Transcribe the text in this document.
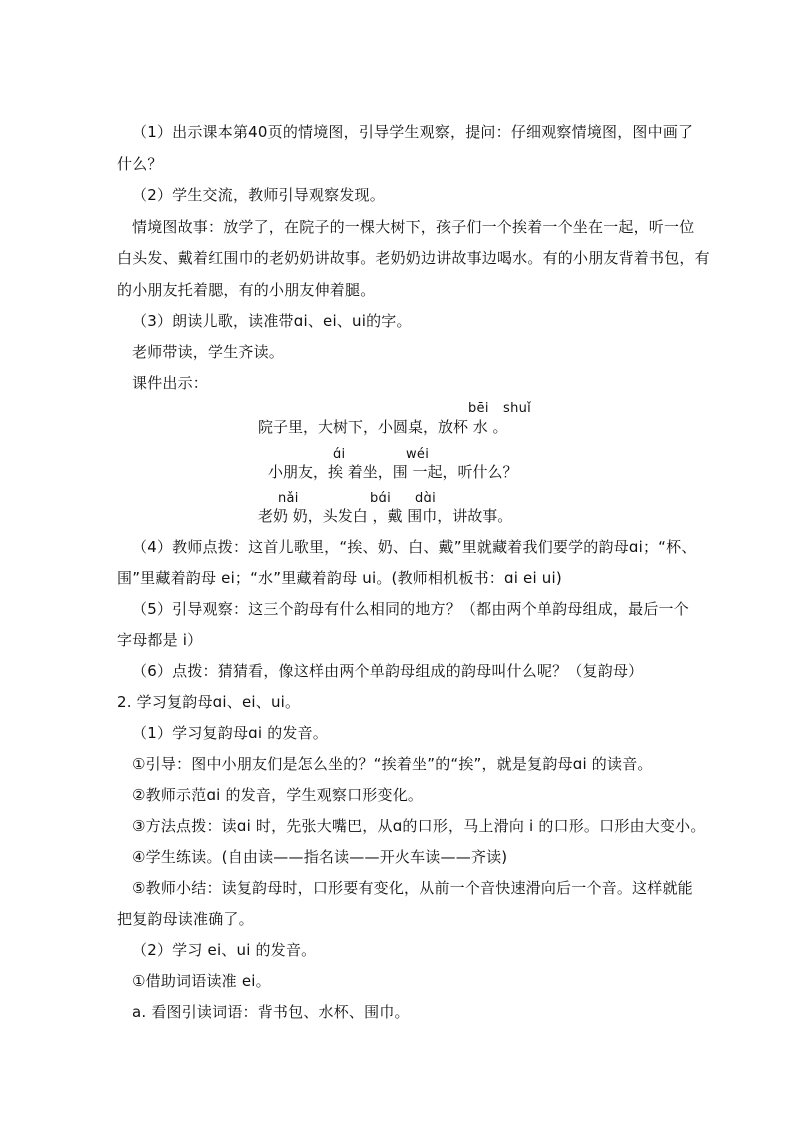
（1）出示课本第40页的情境图，引导学生观察，提问：仔细观察情境图，图中画了
什么？
（2）学生交流，教师引导观察发现。
情境图故事：放学了，在院子的一棵大树下，孩子们一个挨着一个坐在一起，听一位
白头发、戴着红围巾的老奶奶讲故事。老奶奶边讲故事边喝水。有的小朋友背着书包，有
的小朋友托着腮，有的小朋友伸着腿。
（3）朗读儿歌，读准带ɑi、ei、ui的字。
老师带读，学生齐读。
课件出示：
bēi shuǐ
院子里，大树下，小圆桌，放杯 水 。
ɑ́i	wéi
小朋友，挨 着坐，围 一起，听什么？
nǎi	bɑ́i dɑ̀i
老奶 奶，头发白 ，戴 围巾，讲故事。
（4）教师点拨：这首儿歌里，“挨、奶、白、戴”里就藏着我们要学的韵母ɑi；“杯、
围”里藏着韵母 ei；“水”里藏着韵母 ui。(教师相机板书：ɑi ei ui)
（5）引导观察：这三个韵母有什么相同的地方？（都由两个单韵母组成，最后一个
字母都是 i）
（6）点拨：猜猜看，像这样由两个单韵母组成的韵母叫什么呢？（复韵母）
2. 学习复韵母ɑi、ei、ui。
（1）学习复韵母ɑi 的发音。
①引导：图中小朋友们是怎么坐的？“挨着坐”的“挨”，就是复韵母ɑi 的读音。
②教师示范ɑi 的发音，学生观察口形变化。
③方法点拨：读ɑi 时，先张大嘴巴，从ɑ的口形，马上滑向 i 的口形。口形由大变小。
④学生练读。(自由读——指名读——开火车读——齐读)
⑤教师小结：读复韵母时，口形要有变化，从前一个音快速滑向后一个音。这样就能
把复韵母读准确了。
（2）学习 ei、ui 的发音。
①借助词语读准 ei。
a. 看图引读词语：背书包、水杯、围巾。
